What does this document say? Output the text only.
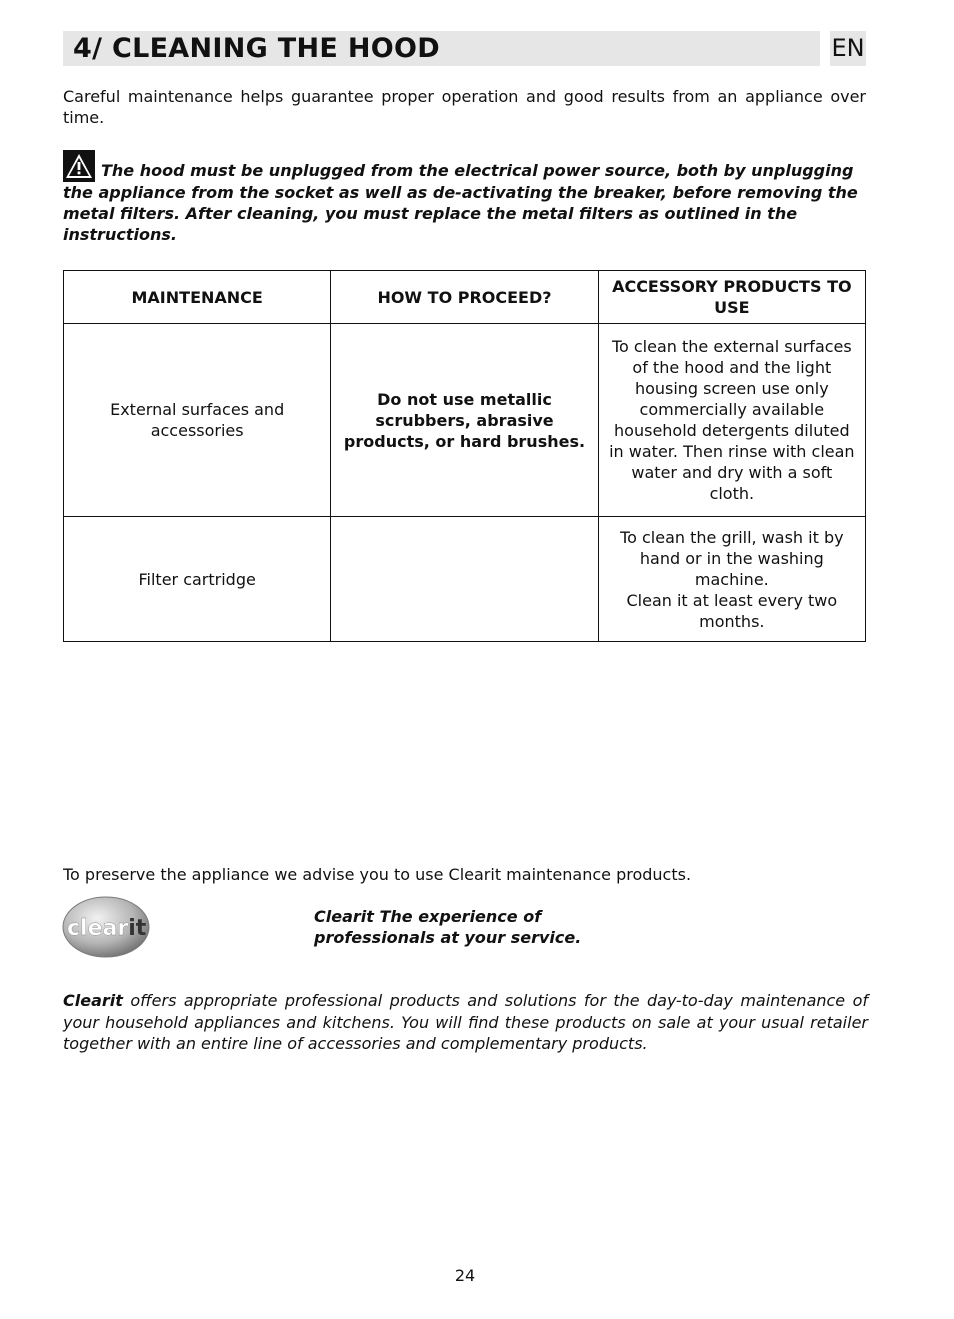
4/ CLEANING THE HOOD	EN
Careful maintenance helps guarantee proper operation and good results from an appliance over time.
The hood must be unplugged from the electrical power source, both by unplugging the appliance from the socket as well as de-activating the breaker, before removing the metal filters. After cleaning, you must replace the metal filters as outlined in the instructions.
MAINTENANCE	HOW TO PROCEED?	ACCESSORY PRODUCTS TO USE
External surfaces and accessories	Do not use metallic scrubbers, abrasive products, or hard brushes.	To clean the external surfaces of the hood and the light housing screen use only commercially available household detergents diluted in water. Then rinse with clean water and dry with a soft cloth.
Filter cartridge		To clean the grill, wash it by hand or in the washing machine.
Clean it at least every two months.
To preserve the appliance we advise you to use Clearit maintenance products.
clearit	Clearit The experience of
professionals at your service.
Clearit offers appropriate professional products and solutions for the day-to-day maintenance of your household appliances and kitchens. You will find these products on sale at your usual retailer together with an entire line of accessories and complementary products.
24
